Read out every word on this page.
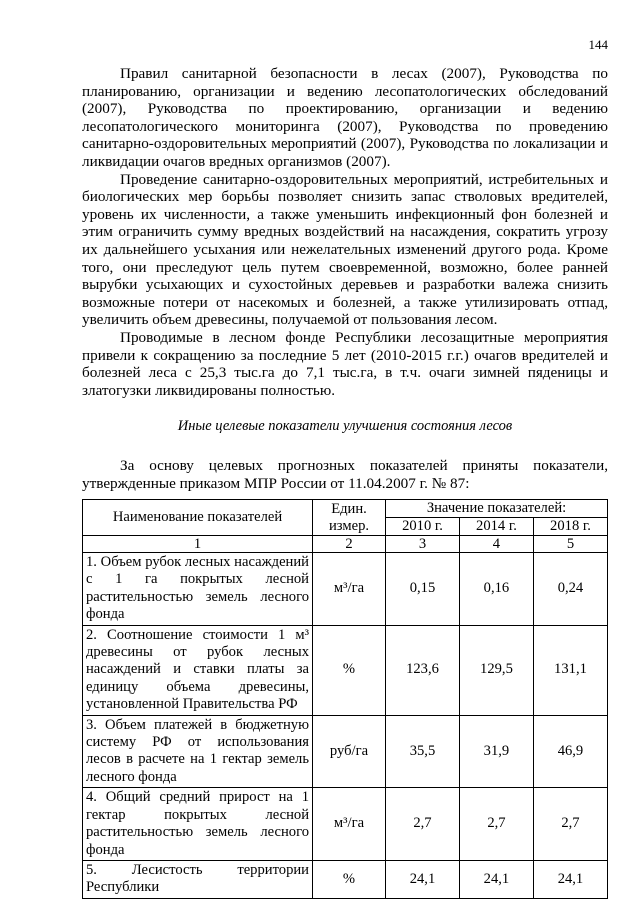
144

Правил санитарной безопасности в лесах (2007), Руководства по планированию, организации и ведению лесопатологических обследований (2007), Руководства по проектированию, организации и ведению лесопатологического мониторинга (2007), Руководства по проведению санитарно-оздоровительных мероприятий (2007), Руководства по локализации и ликвидации очагов вредных организмов (2007).

Проведение санитарно-оздоровительных мероприятий, истребительных и биологических мер борьбы позволяет снизить запас стволовых вредителей, уровень их численности, а также уменьшить инфекционный фон болезней и этим ограничить сумму вредных воздействий на насаждения, сократить угрозу их дальнейшего усыхания или нежелательных изменений другого рода. Кроме того, они преследуют цель путем своевременной, возможно, более ранней вырубки усыхающих и сухостойных деревьев и разработки валежа снизить возможные потери от насекомых и болезней, а также утилизировать отпад, увеличить объем древесины, получаемой от пользования лесом.

Проводимые в лесном фонде Республики лесозащитные мероприятия привели к сокращению за последние 5 лет (2010-2015 г.г.) очагов вредителей и болезней леса с 25,3 тыс.га до 7,1 тыс.га, в т.ч. очаги зимней пяденицы и златогузки ликвидированы полностью.

Иные целевые показатели улучшения состояния лесов

За основу целевых прогнозных показателей приняты показатели, утвержденные приказом МПР России от 11.04.2007 г. № 87:

Наименование показателей	Един. измер.	Значение показателей:		
		2010 г.	2014 г.	2018 г.
1	2	3	4	5
1. Объем рубок лесных насаждений с 1 га покрытых лесной растительностью земель лесного фонда	м³/га	0,15	0,16	0,24
2. Соотношение стоимости 1 м³ древесины от рубок лесных насаждений и ставки платы за единицу объема древесины, установленной Правительства РФ	%	123,6	129,5	131,1
3. Объем платежей в бюджетную систему РФ от использования лесов в расчете на 1 гектар земель лесного фонда	руб/га	35,5	31,9	46,9
4. Общий средний прирост на 1 гектар покрытых лесной растительностью земель лесного фонда	м³/га	2,7	2,7	2,7
5. Лесистость территории Республики	%	24,1	24,1	24,1
